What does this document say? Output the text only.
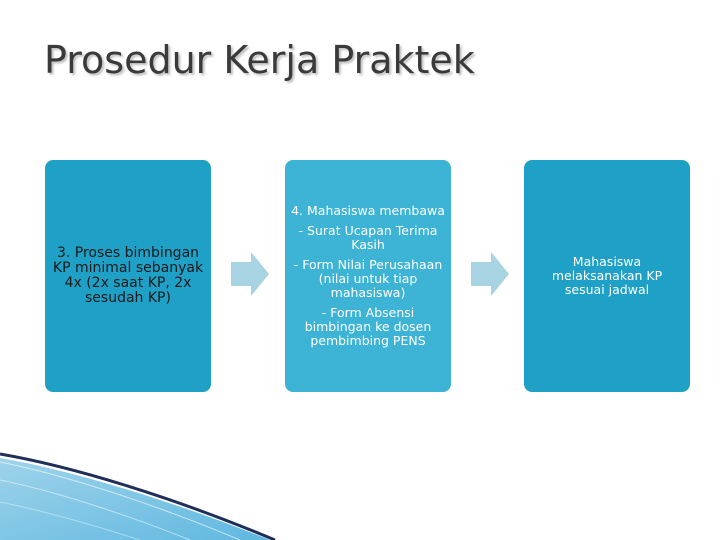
Prosedur Kerja Praktek
3. Proses bimbingan KP minimal sebanyak 4x (2x saat KP, 2x sesudah KP)
4. Mahasiswa membawa
- Surat Ucapan Terima Kasih
- Form Nilai Perusahaan (nilai untuk tiap mahasiswa)
- Form Absensi bimbingan ke dosen pembimbing PENS
Mahasiswa melaksanakan KP sesuai jadwal
